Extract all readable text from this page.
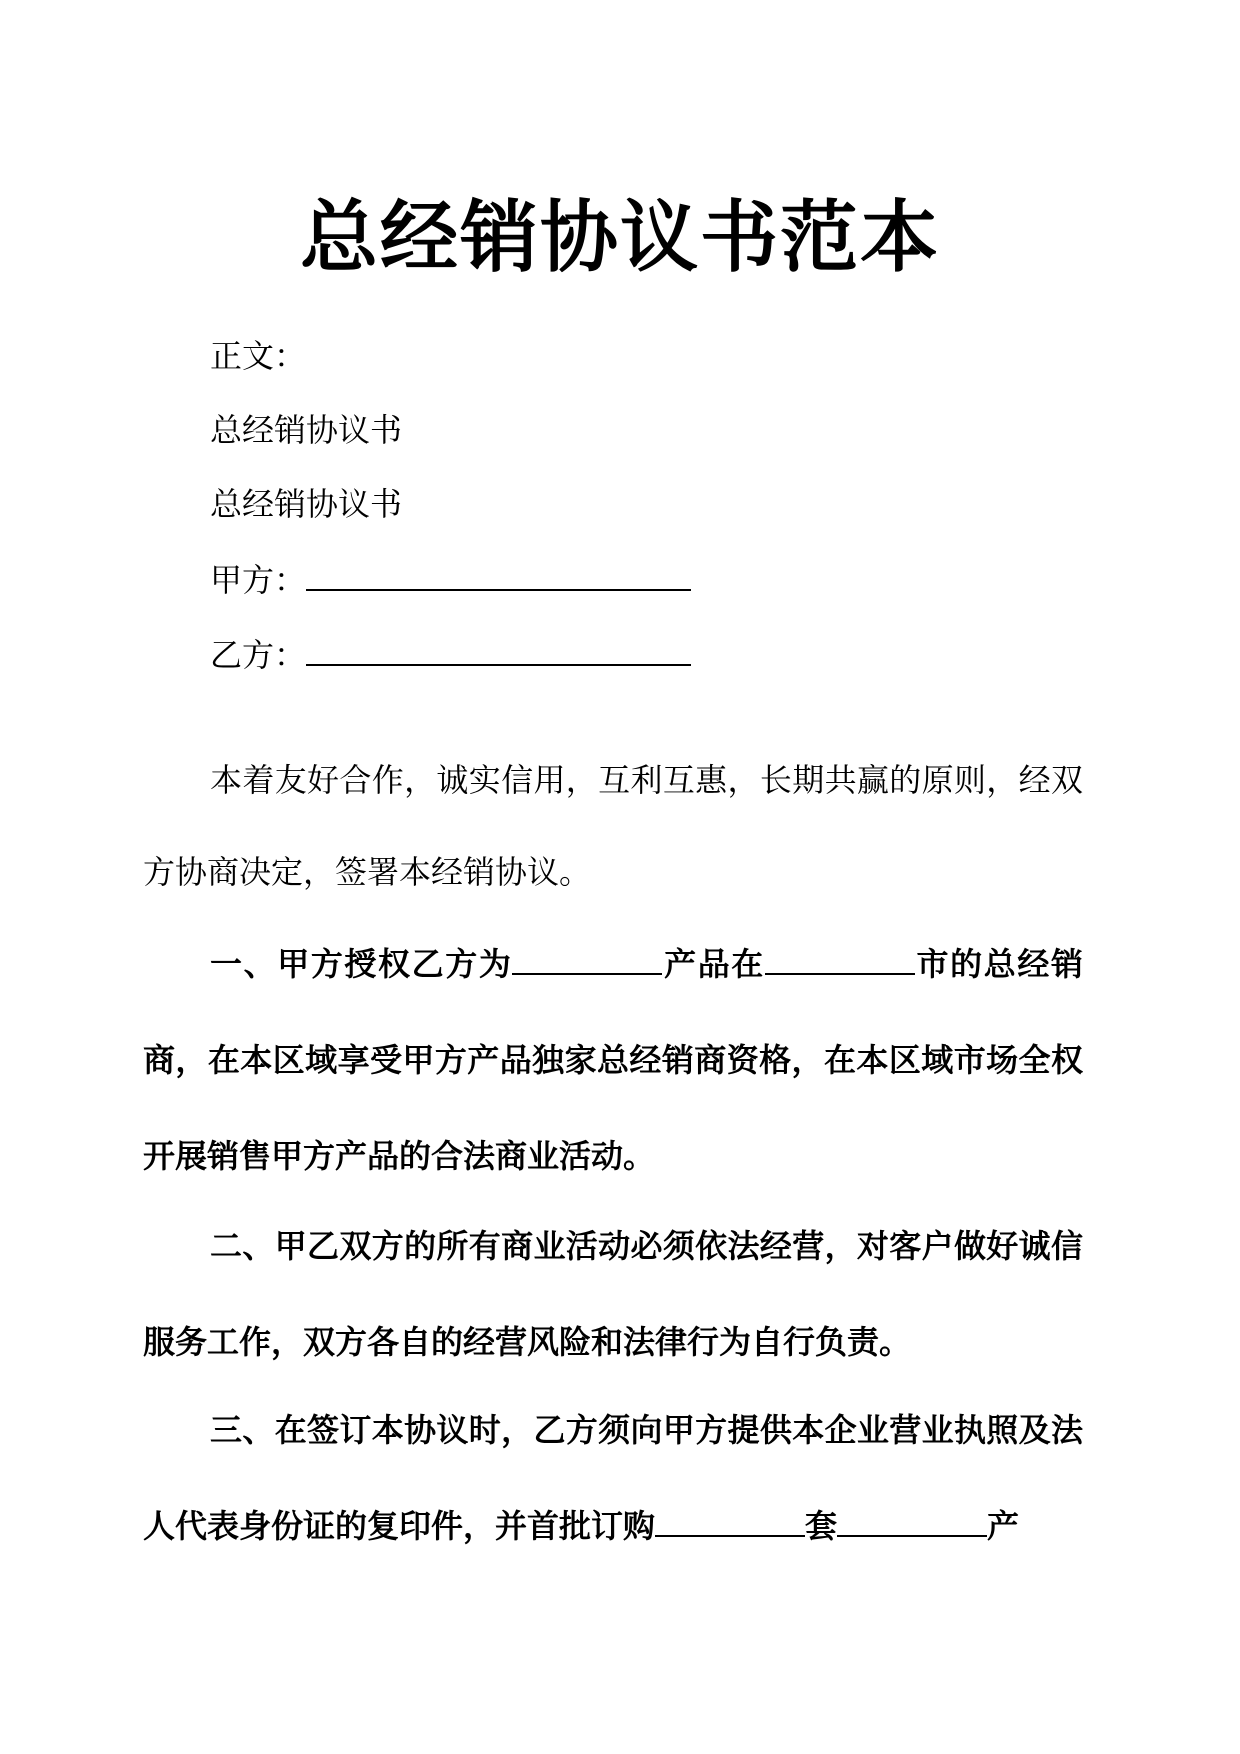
总经销协议书范本
正文：
总经销协议书
总经销协议书
甲方：
乙方：
本着友好合作，诚实信用，互利互惠，长期共赢的原则，经双方协商决定，签署本经销协议。
一、甲方授权乙方为	产品在	市的总经销商，在本区域享受甲方产品独家总经销商资格，在本区域市场全权开展销售甲方产品的合法商业活动。
二、甲乙双方的所有商业活动必须依法经营，对客户做好诚信服务工作，双方各自的经营风险和法律行为自行负责。
三、在签订本协议时，乙方须向甲方提供本企业营业执照及法人代表身份证的复印件，并首批订购	套	产
